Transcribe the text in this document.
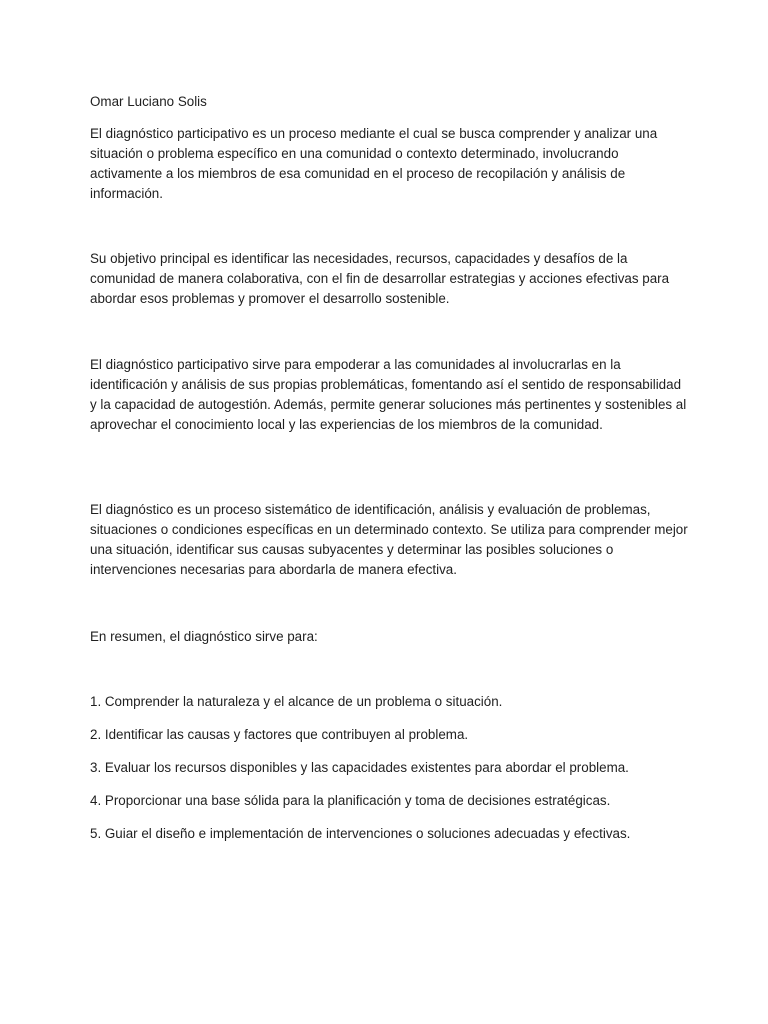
Omar Luciano Solis

El diagnóstico participativo es un proceso mediante el cual se busca comprender y analizar una situación o problema específico en una comunidad o contexto determinado, involucrando activamente a los miembros de esa comunidad en el proceso de recopilación y análisis de información.

Su objetivo principal es identificar las necesidades, recursos, capacidades y desafíos de la comunidad de manera colaborativa, con el fin de desarrollar estrategias y acciones efectivas para abordar esos problemas y promover el desarrollo sostenible.

El diagnóstico participativo sirve para empoderar a las comunidades al involucrarlas en la identificación y análisis de sus propias problemáticas, fomentando así el sentido de responsabilidad y la capacidad de autogestión. Además, permite generar soluciones más pertinentes y sostenibles al aprovechar el conocimiento local y las experiencias de los miembros de la comunidad.

El diagnóstico es un proceso sistemático de identificación, análisis y evaluación de problemas, situaciones o condiciones específicas en un determinado contexto. Se utiliza para comprender mejor una situación, identificar sus causas subyacentes y determinar las posibles soluciones o intervenciones necesarias para abordarla de manera efectiva.

En resumen, el diagnóstico sirve para:

1. Comprender la naturaleza y el alcance de un problema o situación.

2. Identificar las causas y factores que contribuyen al problema.

3. Evaluar los recursos disponibles y las capacidades existentes para abordar el problema.

4. Proporcionar una base sólida para la planificación y toma de decisiones estratégicas.

5. Guiar el diseño e implementación de intervenciones o soluciones adecuadas y efectivas.
